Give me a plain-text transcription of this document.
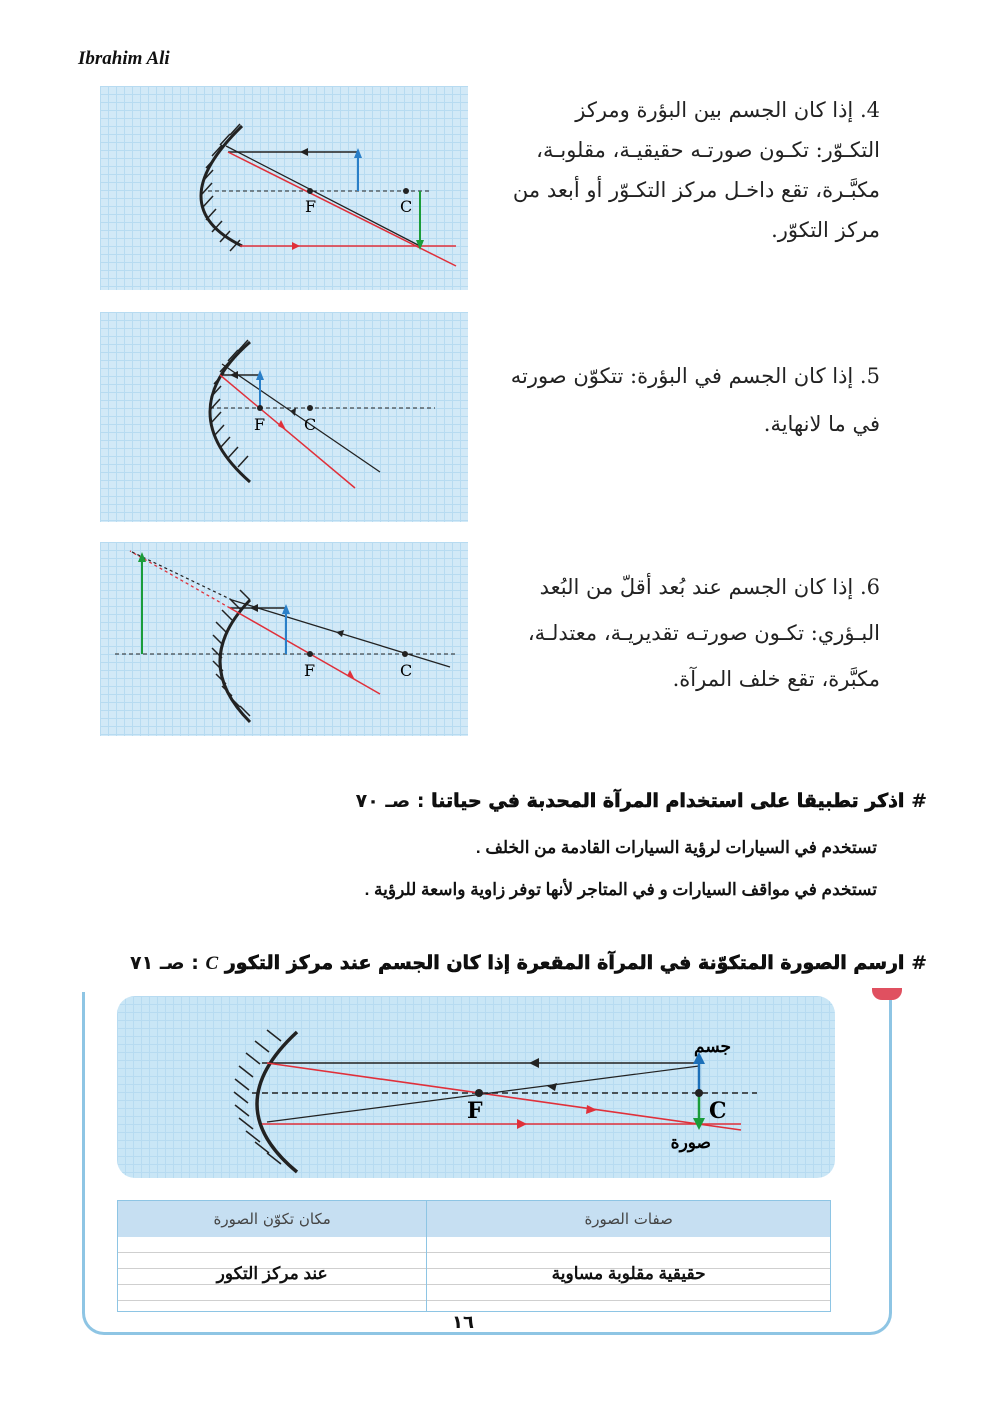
Ibrahim Ali
F	C
4. إذا كان الجسم بين البؤرة ومركز
التكـوّر: تكـون صورتـه حقيقيـة، مقلوبـة،
مكبَّـرة، تقع داخـل مركز التكـوّر أو أبعد من
مركز التكوّر.
F C
5. إذا كان الجسم في البؤرة: تتكوّن صورته
في ما لانهاية.
F	C
6. إذا كان الجسم عند بُعد أقلّ من البُعد
البـؤري: تكـون صورتـه تقديريـة، معتدلـة،
مكبَّرة، تقع خلف المرآة.
# اذكر تطبيقا على استخدام المرآة المحدبة في حياتنا : صـ ٧٠
تستخدم في السيارات لرؤية السيارات القادمة من الخلف .
تستخدم في مواقف السيارات و في المتاجر لأنها توفر زاوية واسعة للرؤية .
# ارسم الصورة المتكوّنة في المرآة المقعرة إذا كان الجسم عند مركز التكور C : صـ ٧١
F	C
جسم
صورة
صفات الصورة	مكان تكوّن الصورة
حقيقية مقلوبة مساوية	عند مركز التكور
١٦
